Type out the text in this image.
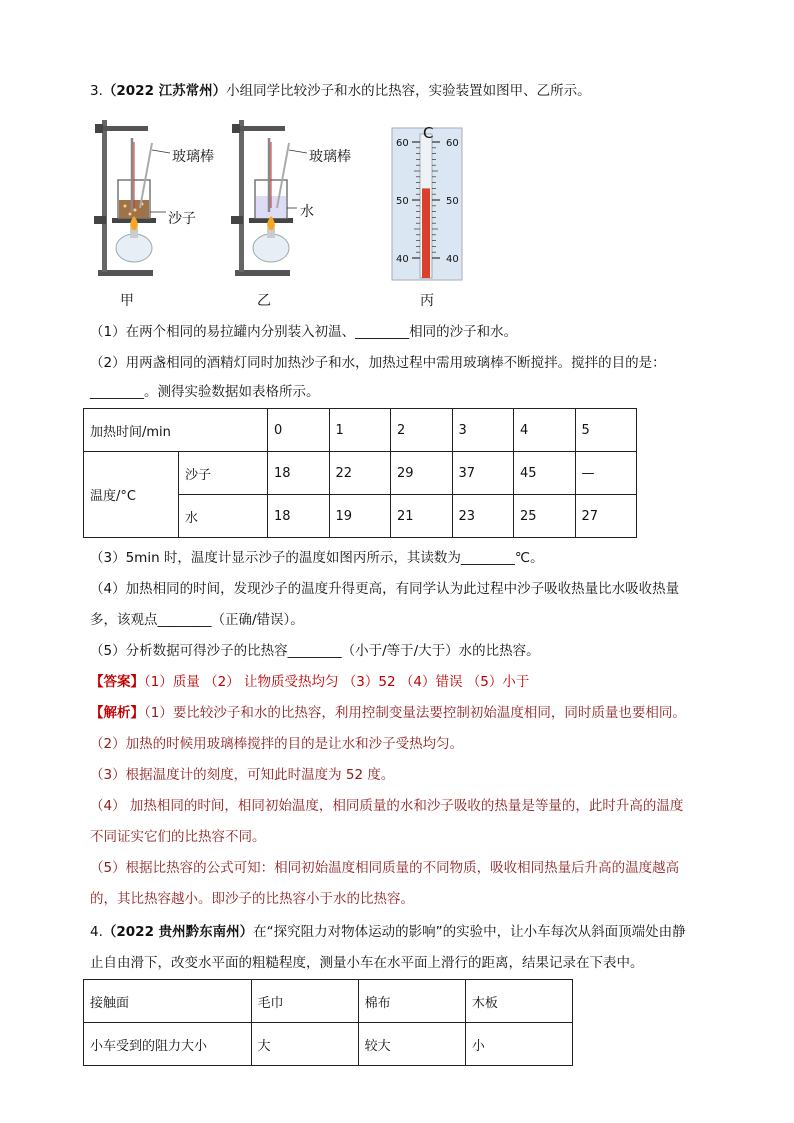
3.（2022 江苏常州）小组同学比较沙子和水的比热容，实验装置如图甲、乙所示。
玻璃棒
沙子
玻璃棒
水
甲	乙	丙
C
60	60
50	50
40	40
（1）在两个相同的易拉罐内分别装入初温、________相同的沙子和水。
（2）用两盏相同的酒精灯同时加热沙子和水，加热过程中需用玻璃棒不断搅拌。搅拌的目的是：
________。测得实验数据如表格所示。
加热时间/min		0	1	2	3	4	5
温度/°C	沙子	18	22	29	37	45	—
	水	18	19	21	23	25	27
（3）5min 时，温度计显示沙子的温度如图丙所示，其读数为________℃。
（4）加热相同的时间，发现沙子的温度升得更高，有同学认为此过程中沙子吸收热量比水吸收热量
多，该观点________（正确/错误）。
（5）分析数据可得沙子的比热容________（小于/等于/大于）水的比热容。
【答案】（1）质量 （2） 让物质受热均匀 （3）52 （4）错误 （5）小于
【解析】（1）要比较沙子和水的比热容，利用控制变量法要控制初始温度相同，同时质量也要相同。
（2）加热的时候用玻璃棒搅拌的目的是让水和沙子受热均匀。
（3）根据温度计的刻度，可知此时温度为 52 度。
（4） 加热相同的时间，相同初始温度，相同质量的水和沙子吸收的热量是等量的，此时升高的温度
不同证实它们的比热容不同。
（5）根据比热容的公式可知：相同初始温度相同质量的不同物质，吸收相同热量后升高的温度越高
的，其比热容越小。即沙子的比热容小于水的比热容。
4.（2022 贵州黔东南州）在“探究阻力对物体运动的影响”的实验中，让小车每次从斜面顶端处由静
止自由滑下，改变水平面的粗糙程度，测量小车在水平面上滑行的距离，结果记录在下表中。
接触面	毛巾	棉布	木板
小车受到的阻力大小	大	较大	小
